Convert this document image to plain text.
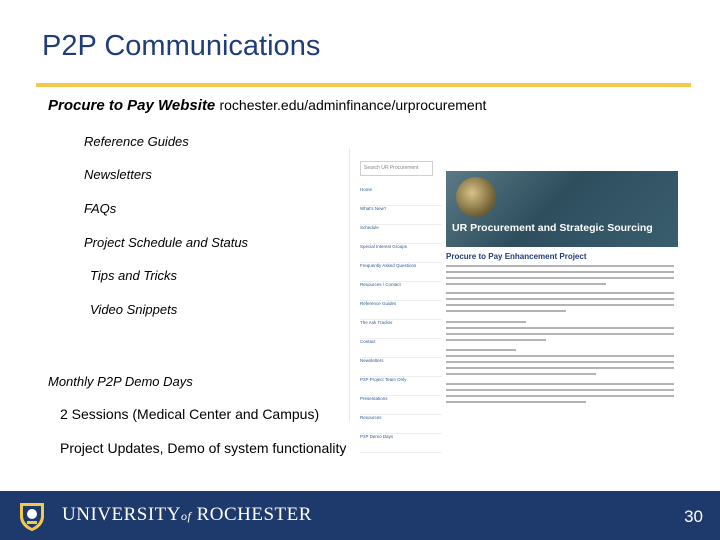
P2P Communications
Procure to Pay Website rochester.edu/adminfinance/urprocurement
Reference Guides
Newsletters
FAQs
Project Schedule and Status
Tips and Tricks
Video Snippets
Monthly P2P Demo Days
2 Sessions (Medical Center and Campus)
Project Updates, Demo of system functionality
Search UR Procurement
Home
What's New?
Schedule
Special Interest Groups
Frequently Asked Questions
Resources / Contact
Reference Guides
The Ask Tracker
Contact
Newsletters
P2P Project Team Only
Presentations
Resources
P2P Demo Days
UR Procurement and Strategic Sourcing
Procure to Pay Enhancement Project
UNIVERSITYof ROCHESTER	30
